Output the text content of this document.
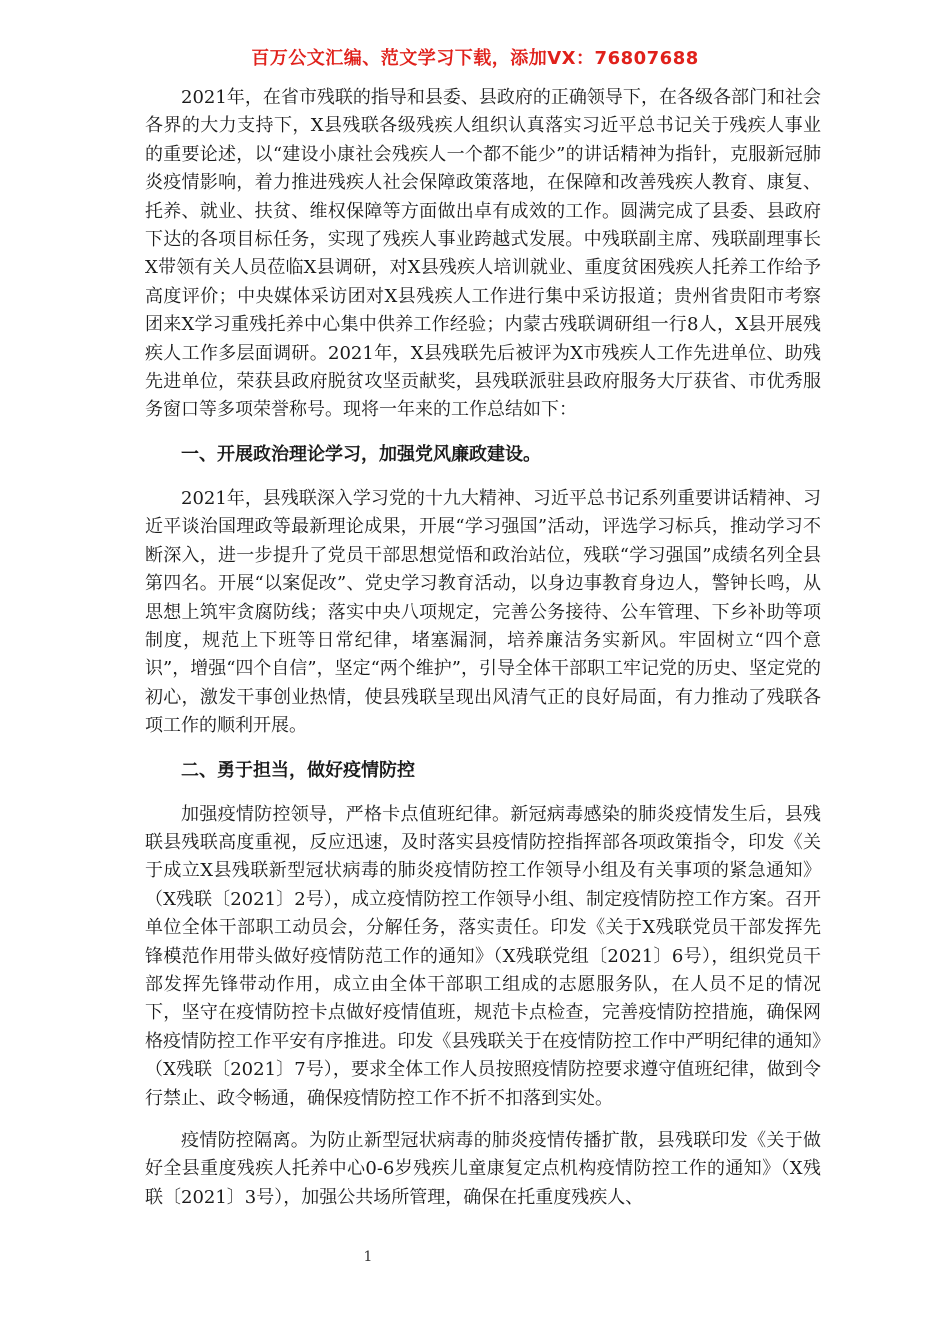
百万公文汇编、范文学习下载，添加VX：76807688

2021年，在省市残联的指导和县委、县政府的正确领导下，在各级各部门和社会各界的大力支持下，X县残联各级残疾人组织认真落实习近平总书记关于残疾人事业的重要论述，以“建设小康社会残疾人一个都不能少”的讲话精神为指针，克服新冠肺炎疫情影响，着力推进残疾人社会保障政策落地，在保障和改善残疾人教育、康复、托养、就业、扶贫、维权保障等方面做出卓有成效的工作。圆满完成了县委、县政府下达的各项目标任务，实现了残疾人事业跨越式发展。中残联副主席、残联副理事长X带领有关人员莅临X县调研，对X县残疾人培训就业、重度贫困残疾人托养工作给予高度评价；中央媒体采访团对X县残疾人工作进行集中采访报道；贵州省贵阳市考察团来X学习重残托养中心集中供养工作经验；内蒙古残联调研组一行8人，X县开展残疾人工作多层面调研。2021年，X县残联先后被评为X市残疾人工作先进单位、助残先进单位，荣获县政府脱贫攻坚贡献奖，县残联派驻县政府服务大厅获省、市优秀服务窗口等多项荣誉称号。现将一年来的工作总结如下：

一、开展政治理论学习，加强党风廉政建设。

2021年，县残联深入学习党的十九大精神、习近平总书记系列重要讲话精神、习近平谈治国理政等最新理论成果，开展“学习强国”活动，评选学习标兵，推动学习不断深入，进一步提升了党员干部思想觉悟和政治站位，残联“学习强国”成绩名列全县第四名。开展“以案促改”、党史学习教育活动，以身边事教育身边人，警钟长鸣，从思想上筑牢贪腐防线；落实中央八项规定，完善公务接待、公车管理、下乡补助等项制度，规范上下班等日常纪律，堵塞漏洞，培养廉洁务实新风。牢固树立“四个意识”，增强“四个自信”，坚定“两个维护”，引导全体干部职工牢记党的历史、坚定党的初心，激发干事创业热情，使县残联呈现出风清气正的良好局面，有力推动了残联各项工作的顺利开展。

二、勇于担当，做好疫情防控

加强疫情防控领导，严格卡点值班纪律。新冠病毒感染的肺炎疫情发生后，县残联县残联高度重视，反应迅速，及时落实县疫情防控指挥部各项政策指令，印发《关于成立X县残联新型冠状病毒的肺炎疫情防控工作领导小组及有关事项的紧急通知》（X残联〔2021〕2号），成立疫情防控工作领导小组、制定疫情防控工作方案。召开单位全体干部职工动员会，分解任务，落实责任。印发《关于X残联党员干部发挥先锋模范作用带头做好疫情防范工作的通知》（X残联党组〔2021〕6号），组织党员干部发挥先锋带动作用，成立由全体干部职工组成的志愿服务队，在人员不足的情况下，坚守在疫情防控卡点做好疫情值班，规范卡点检查，完善疫情防控措施，确保网格疫情防控工作平安有序推进。印发《县残联关于在疫情防控工作中严明纪律的通知》（X残联〔2021〕7号），要求全体工作人员按照疫情防控要求遵守值班纪律，做到令行禁止、政令畅通，确保疫情防控工作不折不扣落到实处。

疫情防控隔离。为防止新型冠状病毒的肺炎疫情传播扩散，县残联印发《关于做好全县重度残疾人托养中心0-6岁残疾儿童康复定点机构疫情防控工作的通知》（X残联〔2021〕3号），加强公共场所管理，确保在托重度残疾人、

1
